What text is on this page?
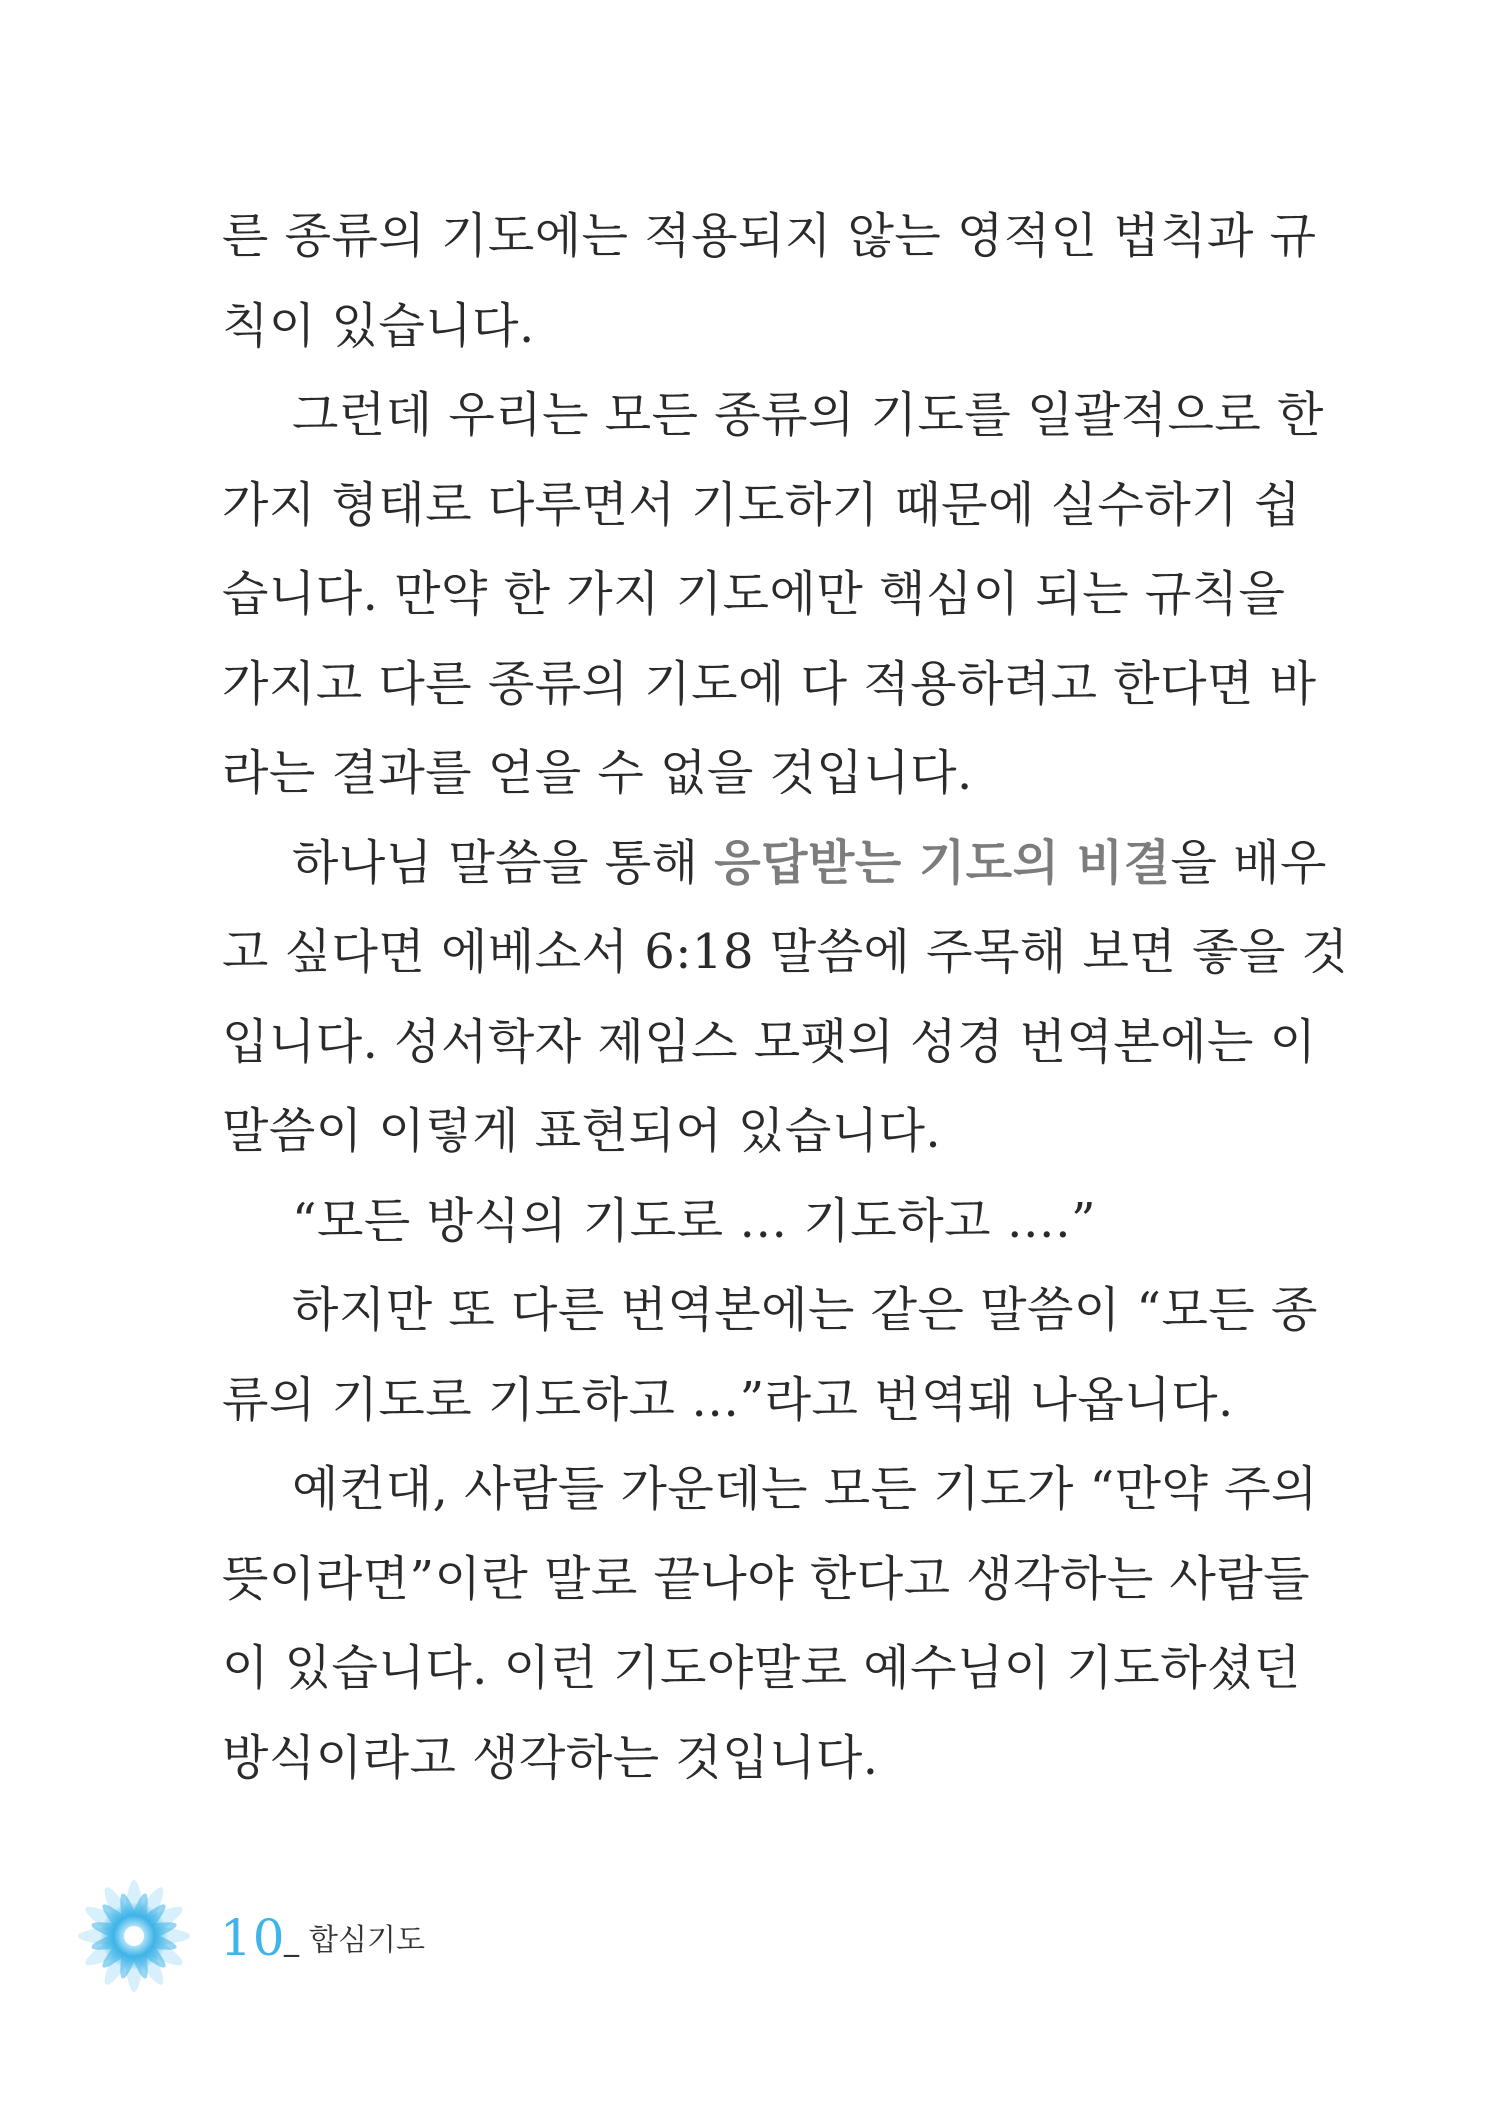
른 종류의 기도에는 적용되지 않는 영적인 법칙과 규
칙이 있습니다.
그런데 우리는 모든 종류의 기도를 일괄적으로 한
가지 형태로 다루면서 기도하기 때문에 실수하기 쉽
습니다. 만약 한 가지 기도에만 핵심이 되는 규칙을
가지고 다른 종류의 기도에 다 적용하려고 한다면 바
라는 결과를 얻을 수 없을 것입니다.
하나님 말씀을 통해 응답받는 기도의 비결을 배우
고 싶다면 에베소서 6:18 말씀에 주목해 보면 좋을 것
입니다. 성서학자 제임스 모팻의 성경 번역본에는 이
말씀이 이렇게 표현되어 있습니다.
“모든 방식의 기도로 … 기도하고 ….”
하지만 또 다른 번역본에는 같은 말씀이 “모든 종
류의 기도로 기도하고 …”라고 번역돼 나옵니다.
예컨대, 사람들 가운데는 모든 기도가 “만약 주의
뜻이라면”이란 말로 끝나야 한다고 생각하는 사람들
이 있습니다. 이런 기도야말로 예수님이 기도하셨던
방식이라고 생각하는 것입니다.
10
_ 합심기도
